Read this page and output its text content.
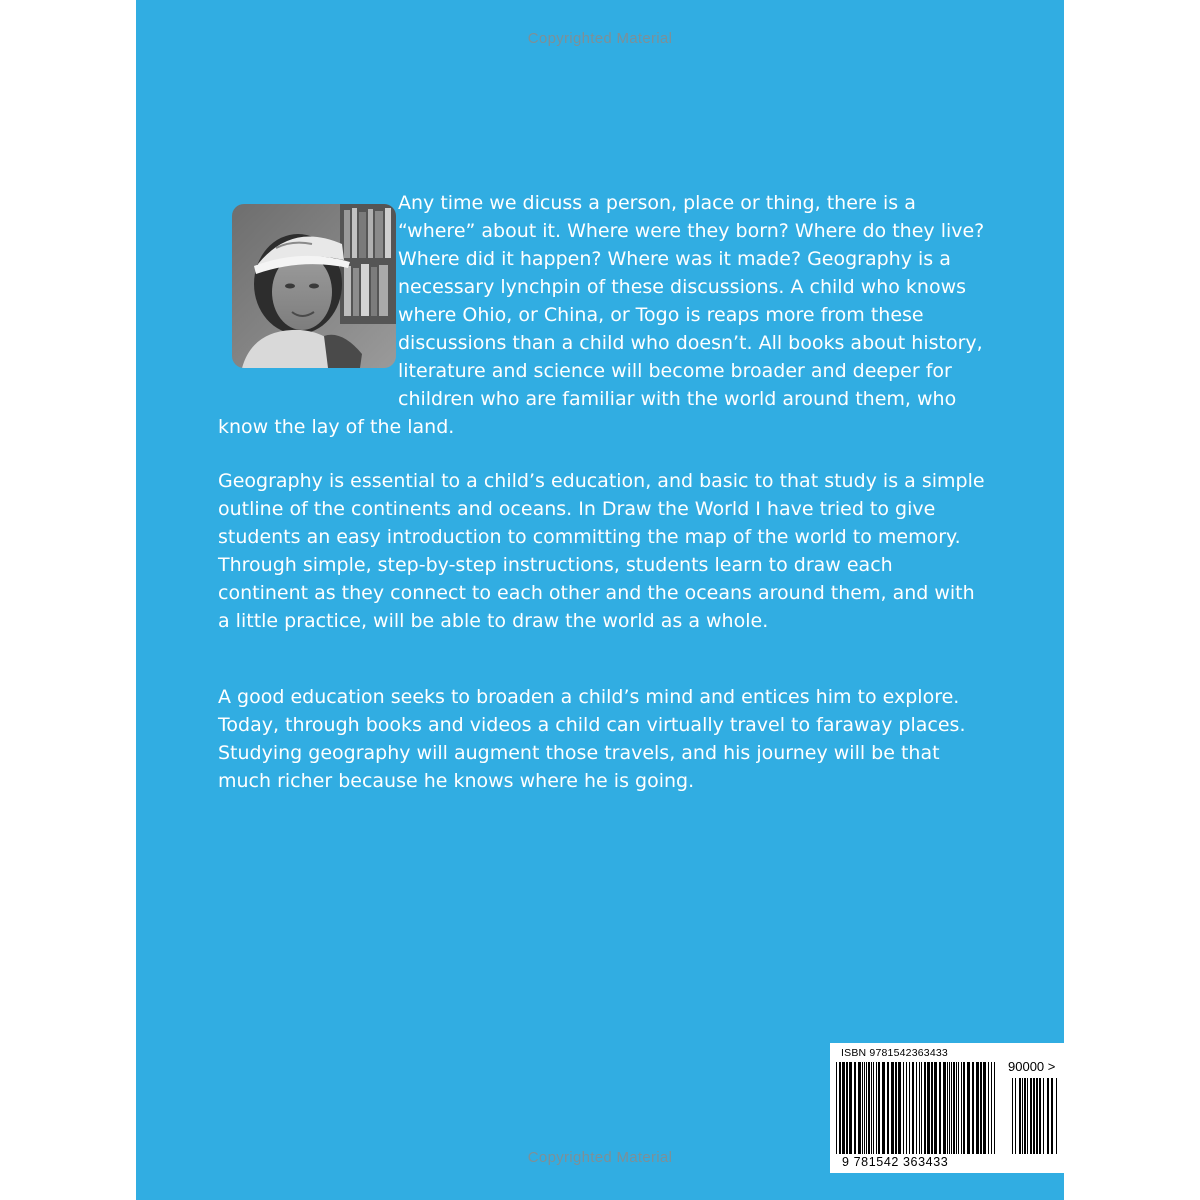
Copyrighted Material

Any time we dicuss a person, place or thing, there is a “where” about it. Where were they born? Where do they live? Where did it happen? Where was it made? Geography is a necessary lynchpin of these discussions. A child who knows where Ohio, or China, or Togo is reaps more from these discussions than a child who doesn’t. All books about history, literature and science will become broader and deeper for children who are familiar with the world around them, who know the lay of the land.

Geography is essential to a child’s education, and basic to that study is a simple outline of the continents and oceans. In Draw the World I have tried to give students an easy introduction to committing the map of the world to memory. Through simple, step-by-step instructions, students learn to draw each continent as they connect to each other and the oceans around them, and with a little practice, will be able to draw the world as a whole.

A good education seeks to broaden a child’s mind and entices him to explore. Today, through books and videos a child can virtually travel to faraway places. Studying geography will augment those travels, and his journey will be that much richer because he knows where he is going.

Copyrighted Material
ISBN 9781542363433
90000 >
9 781542 363433
